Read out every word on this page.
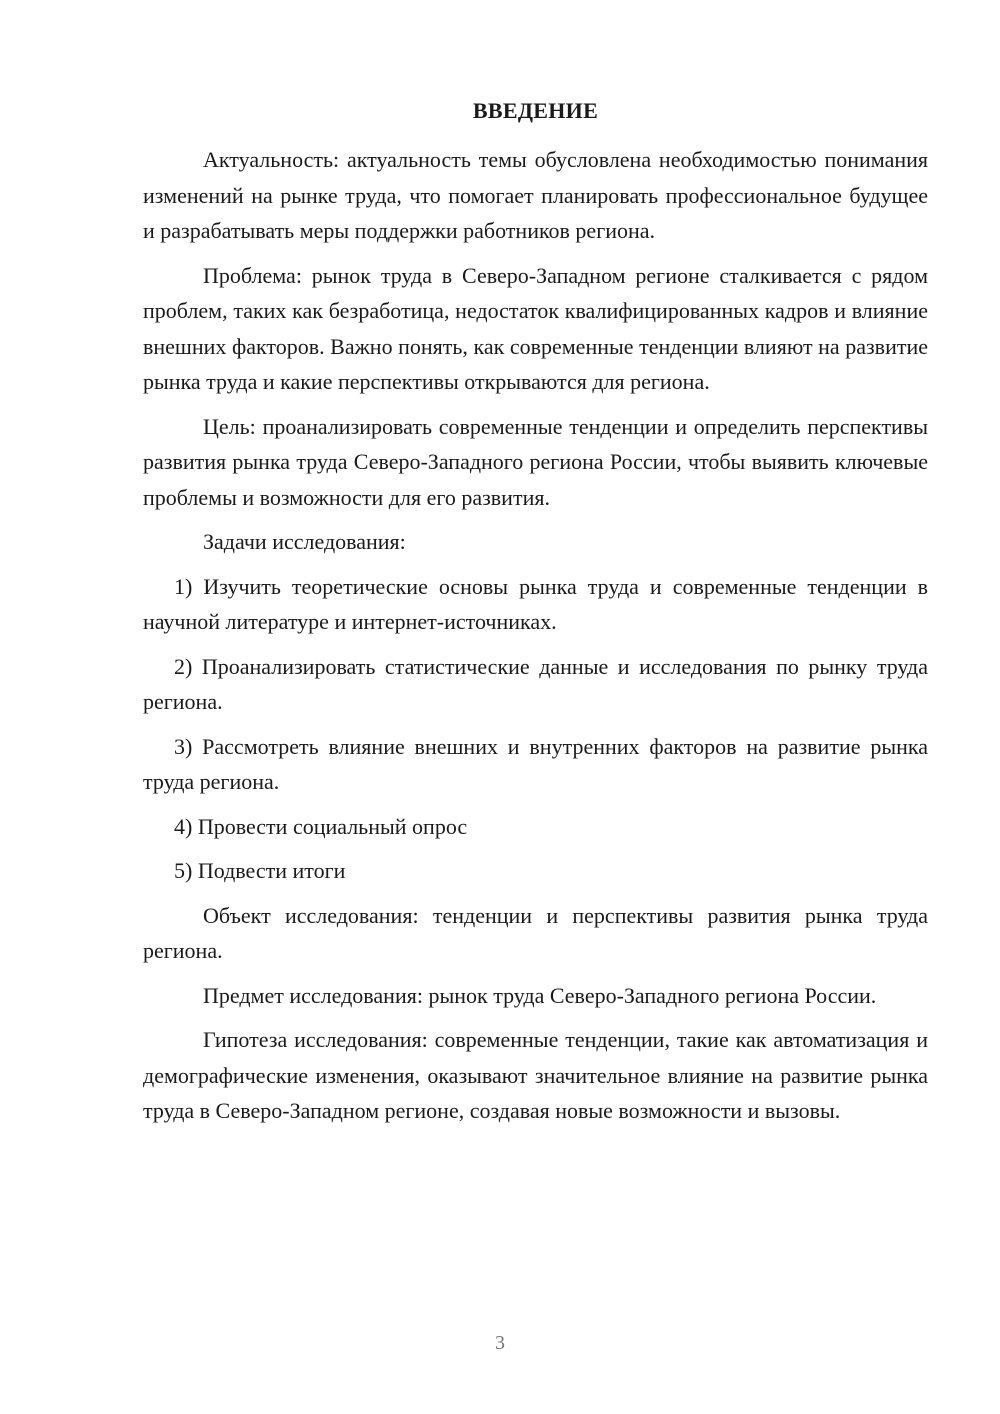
ВВЕДЕНИЕ

Актуальность: актуальность темы обусловлена необходимостью понимания изменений на рынке труда, что помогает планировать профессиональное будущее и разрабатывать меры поддержки работников региона.

Проблема: рынок труда в Северо-Западном регионе сталкивается с рядом проблем, таких как безработица, недостаток квалифицированных кадров и влияние внешних факторов. Важно понять, как современные тенденции влияют на развитие рынка труда и какие перспективы открываются для региона.

Цель: проанализировать современные тенденции и определить перспективы развития рынка труда Северо-Западного региона России, чтобы выявить ключевые проблемы и возможности для его развития.

Задачи исследования:

1) Изучить теоретические основы рынка труда и современные тенденции в научной литературе и интернет-источниках.

2) Проанализировать статистические данные и исследования по рынку труда региона.

3) Рассмотреть влияние внешних и внутренних факторов на развитие рынка труда региона.

4) Провести социальный опрос

5) Подвести итоги

Объект исследования: тенденции и перспективы развития рынка труда региона.

Предмет исследования: рынок труда Северо-Западного региона России.

Гипотеза исследования: современные тенденции, такие как автоматизация и демографические изменения, оказывают значительное влияние на развитие рынка труда в Северо-Западном регионе, создавая новые возможности и вызовы.

3
